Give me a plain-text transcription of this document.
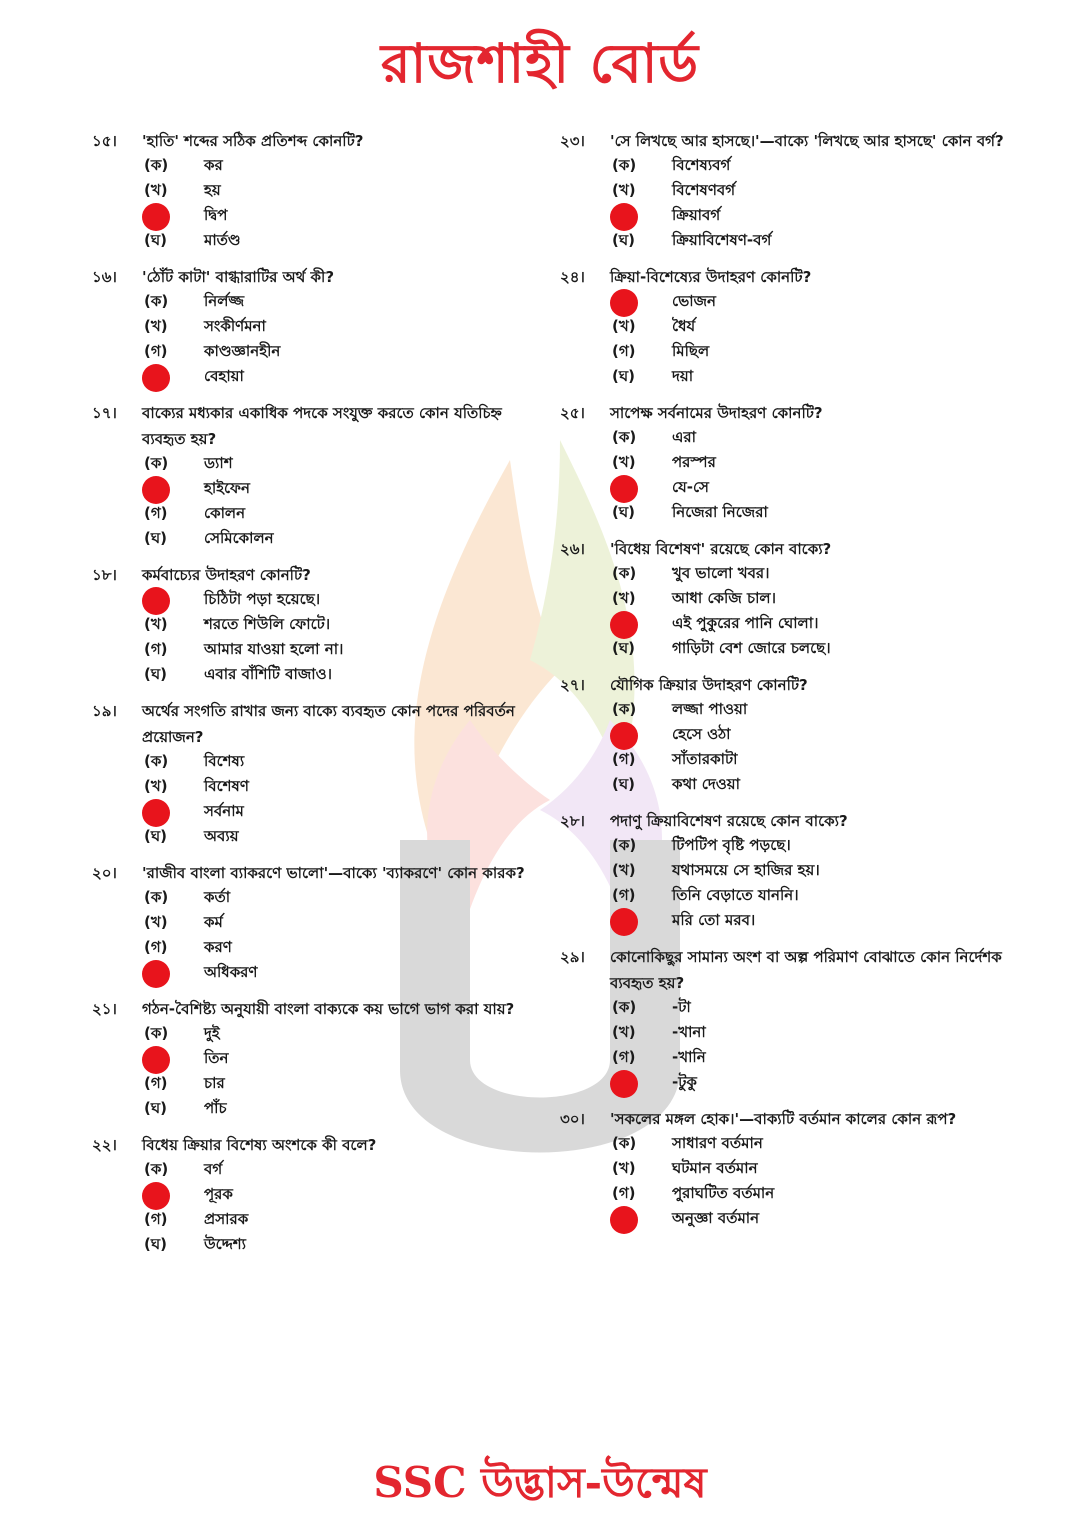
রাজশাহী বোর্ড
১৫।	'হাতি' শব্দের সঠিক প্রতিশব্দ কোনটি?
(ক)	কর
(খ)	হয়
দ্বিপ
(ঘ)	মার্তণ্ড
১৬।	'ঠোঁট কাটা' বাগ্ধারাটির অর্থ কী?
(ক)	নির্লজ্জ
(খ)	সংকীর্ণমনা
(গ)	কাণ্ডজ্ঞানহীন
বেহায়া
১৭।	বাক্যের মধ্যকার একাধিক পদকে সংযুক্ত করতে কোন যতিচিহ্ন ব্যবহৃত হয়?
(ক)	ড্যাশ
হাইফেন
(গ)	কোলন
(ঘ)	সেমিকোলন
১৮।	কর্মবাচ্যের উদাহরণ কোনটি?
চিঠিটা পড়া হয়েছে।
(খ)	শরতে শিউলি ফোটে।
(গ)	আমার যাওয়া হলো না।
(ঘ)	এবার বাঁশিটি বাজাও।
১৯।	অর্থের সংগতি রাখার জন্য বাক্যে ব্যবহৃত কোন পদের পরিবর্তন প্রয়োজন?
(ক)	বিশেষ্য
(খ)	বিশেষণ
সর্বনাম
(ঘ)	অব্যয়
২০।	'রাজীব বাংলা ব্যাকরণে ভালো'—বাক্যে 'ব্যাকরণে' কোন কারক?
(ক)	কর্তা
(খ)	কর্ম
(গ)	করণ
অধিকরণ
২১।	গঠন-বৈশিষ্ট্য অনুযায়ী বাংলা বাক্যকে কয় ভাগে ভাগ করা যায়?
(ক)	দুই
তিন
(গ)	চার
(ঘ)	পাঁচ
২২।	বিধেয় ক্রিয়ার বিশেষ্য অংশকে কী বলে?
(ক)	বর্গ
পূরক
(গ)	প্রসারক
(ঘ)	উদ্দেশ্য
২৩।	'সে লিখছে আর হাসছে।'—বাক্যে 'লিখছে আর হাসছে' কোন বর্গ?
(ক)	বিশেষ্যবর্গ
(খ)	বিশেষণবর্গ
ক্রিয়াবর্গ
(ঘ)	ক্রিয়াবিশেষণ-বর্গ
২৪।	ক্রিয়া-বিশেষ্যের উদাহরণ কোনটি?
ভোজন
(খ)	ধৈর্য
(গ)	মিছিল
(ঘ)	দয়া
২৫।	সাপেক্ষ সর্বনামের উদাহরণ কোনটি?
(ক)	এরা
(খ)	পরস্পর
যে-সে
(ঘ)	নিজেরা নিজেরা
২৬।	'বিধেয় বিশেষণ' রয়েছে কোন বাক্যে?
(ক)	খুব ভালো খবর।
(খ)	আধা কেজি চাল।
এই পুকুরের পানি ঘোলা।
(ঘ)	গাড়িটা বেশ জোরে চলছে।
২৭।	যৌগিক ক্রিয়ার উদাহরণ কোনটি?
(ক)	লজ্জা পাওয়া
হেসে ওঠা
(গ)	সাঁতারকাটা
(ঘ)	কথা দেওয়া
২৮।	পদাণু ক্রিয়াবিশেষণ রয়েছে কোন বাক্যে?
(ক)	টিপটিপ বৃষ্টি পড়ছে।
(খ)	যথাসময়ে সে হাজির হয়।
(গ)	তিনি বেড়াতে যাননি।
মরি তো মরব।
২৯।	কোনোকিছুর সামান্য অংশ বা অল্প পরিমাণ বোঝাতে কোন নির্দেশক ব্যবহৃত হয়?
(ক)	-টা
(খ)	-খানা
(গ)	-খানি
-টুকু
৩০।	'সকলের মঙ্গল হোক।'—বাক্যটি বর্তমান কালের কোন রূপ?
(ক)	সাধারণ বর্তমান
(খ)	ঘটমান বর্তমান
(গ)	পুরাঘটিত বর্তমান
অনুজ্ঞা বর্তমান
SSC উদ্ভাস-উন্মেষ
